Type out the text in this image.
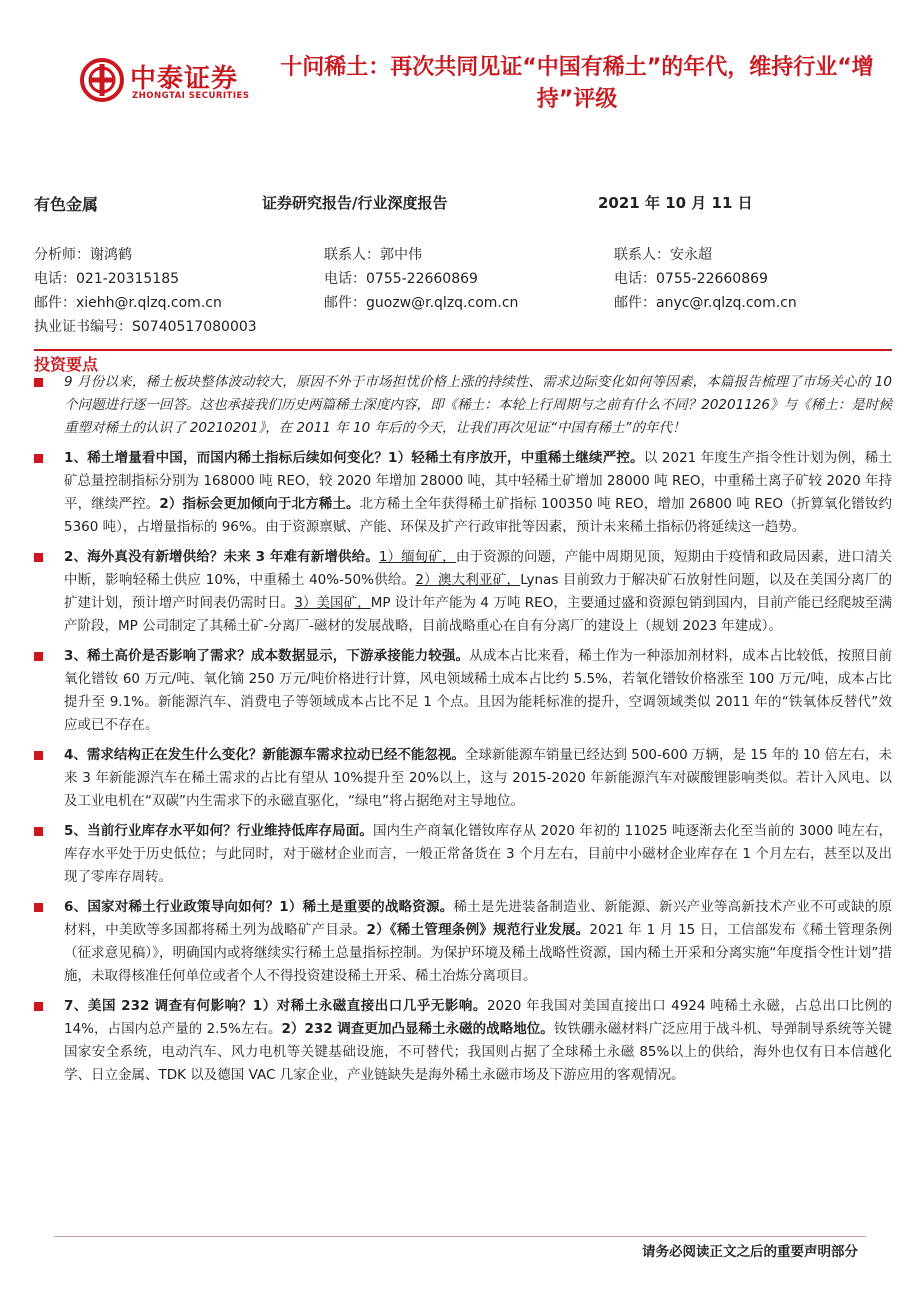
中泰证券
ZHONGTAI SECURITIES
十问稀土：再次共同见证“中国有稀土”的年代，维持行业“增持”评级
有色金属	证券研究报告/行业深度报告	2021 年 10 月 11 日
分析师：谢鸿鹤
电话：021-20315185
邮件：xiehh@r.qlzq.com.cn
执业证书编号：S0740517080003
联系人：郭中伟
电话：0755-22660869
邮件：guozw@r.qlzq.com.cn
联系人：安永超
电话：0755-22660869
邮件：anyc@r.qlzq.com.cn
投资要点
9 月份以来，稀土板块整体波动较大，原因不外于市场担忧价格上涨的持续性、需求边际变化如何等因素，本篇报告梳理了市场关心的 10 个问题进行逐一回答。这也承接我们历史两篇稀土深度内容，即《稀土：本轮上行周期与之前有什么不同？20201126》与《稀土：是时候重塑对稀土的认识了 20210201》，在 2011 年 10 年后的今天，让我们再次见证“中国有稀土”的年代！
1、稀土增量看中国，而国内稀土指标后续如何变化？1）轻稀土有序放开，中重稀土继续严控。以 2021 年度生产指令性计划为例，稀土矿总量控制指标分别为 168000 吨 REO，较 2020 年增加 28000 吨，其中轻稀土矿增加 28000 吨 REO，中重稀土离子矿较 2020 年持平，继续严控。2）指标会更加倾向于北方稀土。北方稀土全年获得稀土矿指标 100350 吨 REO，增加 26800 吨 REO（折算氧化镨钕约 5360 吨），占增量指标的 96%。由于资源禀赋、产能、环保及扩产行政审批等因素，预计未来稀土指标仍将延续这一趋势。
2、海外真没有新增供给？未来 3 年难有新增供给。1）缅甸矿，由于资源的问题，产能中周期见顶，短期由于疫情和政局因素，进口清关中断，影响轻稀土供应 10%，中重稀土 40%-50%供给。2）澳大利亚矿，Lynas 目前致力于解决矿石放射性问题，以及在美国分离厂的扩建计划，预计增产时间表仍需时日。3）美国矿，MP 设计年产能为 4 万吨 REO，主要通过盛和资源包销到国内，目前产能已经爬坡至满产阶段，MP 公司制定了其稀土矿-分离厂-磁材的发展战略，目前战略重心在自有分离厂的建设上（规划 2023 年建成）。
3、稀土高价是否影响了需求？成本数据显示，下游承接能力较强。从成本占比来看，稀土作为一种添加剂材料，成本占比较低，按照目前氧化镨钕 60 万元/吨、氧化镝 250 万元/吨价格进行计算，风电领域稀土成本占比约 5.5%，若氧化镨钕价格涨至 100 万元/吨，成本占比提升至 9.1%。新能源汽车、消费电子等领域成本占比不足 1 个点。且因为能耗标准的提升，空调领域类似 2011 年的“铁氧体反替代”效应或已不存在。
4、需求结构正在发生什么变化？新能源车需求拉动已经不能忽视。全球新能源车销量已经达到 500-600 万辆，是 15 年的 10 倍左右，未来 3 年新能源汽车在稀土需求的占比有望从 10%提升至 20%以上，这与 2015-2020 年新能源汽车对碳酸锂影响类似。若计入风电、以及工业电机在“双碳”内生需求下的永磁直驱化，“绿电”将占据绝对主导地位。
5、当前行业库存水平如何？行业维持低库存局面。国内生产商氧化镨钕库存从 2020 年初的 11025 吨逐渐去化至当前的 3000 吨左右，库存水平处于历史低位；与此同时，对于磁材企业而言，一般正常备货在 3 个月左右，目前中小磁材企业库存在 1 个月左右，甚至以及出现了零库存周转。
6、国家对稀土行业政策导向如何？1）稀土是重要的战略资源。稀土是先进装备制造业、新能源、新兴产业等高新技术产业不可或缺的原材料，中美欧等多国都将稀土列为战略矿产目录。2）《稀土管理条例》规范行业发展。2021 年 1 月 15 日，工信部发布《稀土管理条例（征求意见稿）》，明确国内或将继续实行稀土总量指标控制。为保护环境及稀土战略性资源，国内稀土开采和分离实施“年度指令性计划”措施，未取得核准任何单位或者个人不得投资建设稀土开采、稀土冶炼分离项目。
7、美国 232 调查有何影响？1）对稀土永磁直接出口几乎无影响。2020 年我国对美国直接出口 4924 吨稀土永磁，占总出口比例的 14%，占国内总产量的 2.5%左右。2）232 调查更加凸显稀土永磁的战略地位。钕铁硼永磁材料广泛应用于战斗机、导弹制导系统等关键国家安全系统，电动汽车、风力电机等关键基础设施，不可替代；我国则占据了全球稀土永磁 85%以上的供给，海外也仅有日本信越化学、日立金属、TDK 以及德国 VAC 几家企业，产业链缺失是海外稀土永磁市场及下游应用的客观情况。
请务必阅读正文之后的重要声明部分
